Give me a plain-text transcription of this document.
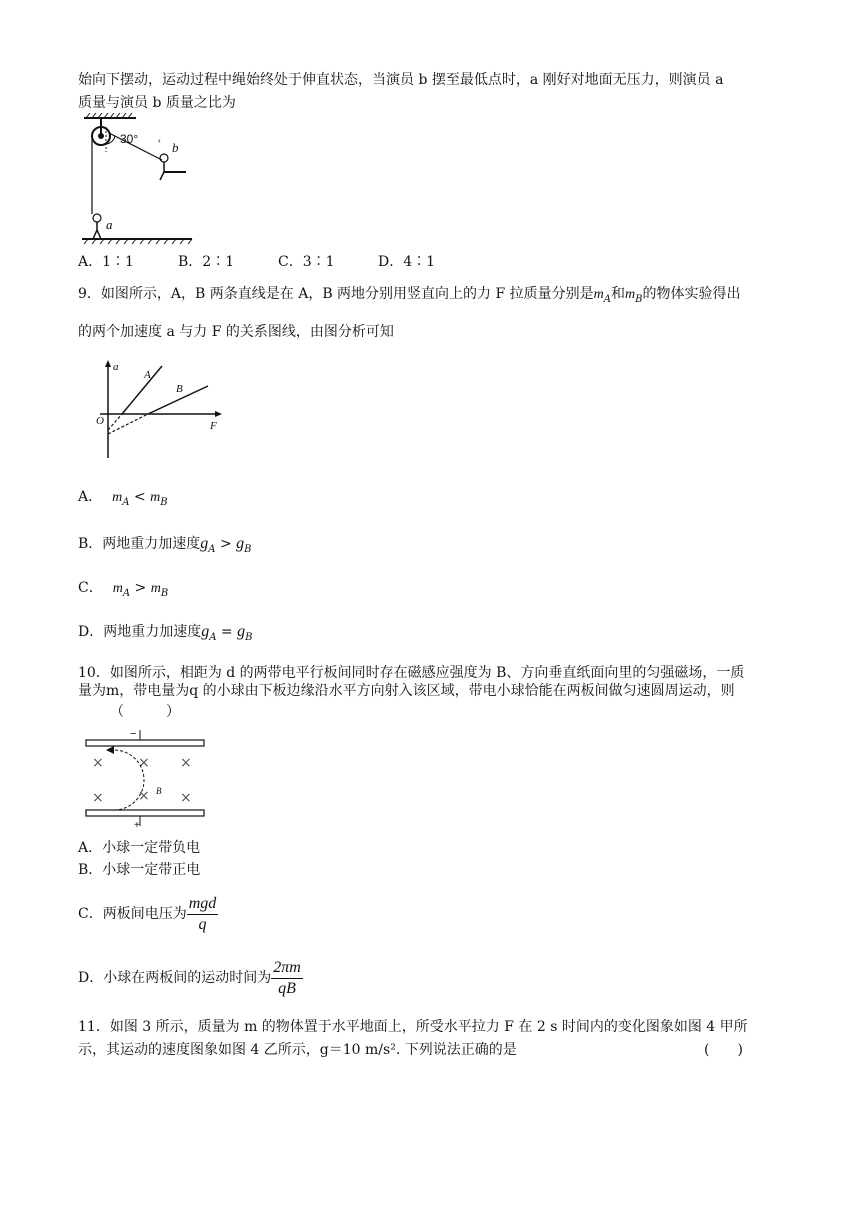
始向下摆动，运动过程中绳始终处于伸直状态，当演员 b 摆至最低点时，a 刚好对地面无压力，则演员 a
质量与演员 b 质量之比为
30° ‹ b
a
A．1∶1	B．2∶1	C．3∶1	D．4∶1
9．如图所示，A，B 两条直线是在 A，B 两地分别用竖直向上的力 F 拉质量分别是$m_A$和$m_B$的物体实验得出
的两个加速度 a 与力 F 的关系图线，由图分析可知
a
F
O
A
B
A． $m_A < m_B$
B．两地重力加速度$g_A > g_B$
C． $m_A > m_B$
D．两地重力加速度$g_A = g_B$
10．如图所示，相距为 d 的两带电平行板间同时存在磁感应强度为 B、方向垂直纸面向里的匀强磁场，一质
量为m，带电量为q 的小球由下板边缘沿水平方向射入该区域，带电小球恰能在两板间做匀速圆周运动，则
（　　　）
−
+
× × ×
× × ×
B
A．小球一定带负电
B．小球一定带正电
C．两板间电压为 $\frac{\text{mgd}}{q}$
D．小球在两板间的运动时间为 $\frac{2\pi m}{qB}$
11．如图 3 所示，质量为 m 的物体置于水平地面上，所受水平拉力 F 在 2 s 时间内的变化图象如图 4 甲所
示，其运动的速度图象如图 4 乙所示，g＝10 m/s². 下列说法正确的是	(　　)
